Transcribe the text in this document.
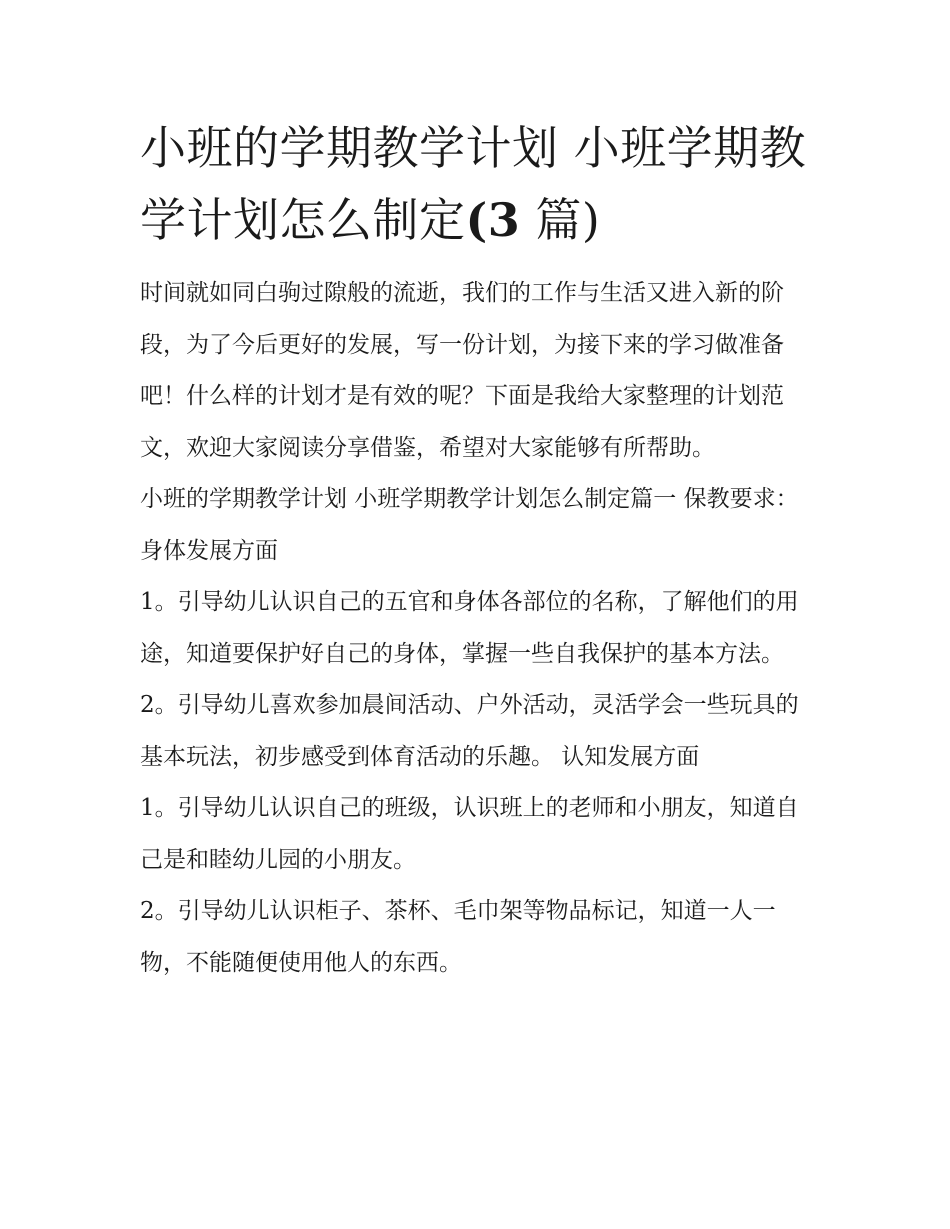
小班的学期教学计划 小班学期教学计划怎么制定(3 篇)

时间就如同白驹过隙般的流逝，我们的工作与生活又进入新的阶段，为了今后更好的发展，写一份计划，为接下来的学习做准备吧！什么样的计划才是有效的呢？下面是我给大家整理的计划范文，欢迎大家阅读分享借鉴，希望对大家能够有所帮助。

小班的学期教学计划 小班学期教学计划怎么制定篇一 保教要求： 身体发展方面

1。引导幼儿认识自己的五官和身体各部位的名称，了解他们的用途，知道要保护好自己的身体，掌握一些自我保护的基本方法。

2。引导幼儿喜欢参加晨间活动、户外活动，灵活学会一些玩具的基本玩法，初步感受到体育活动的乐趣。 认知发展方面

1。引导幼儿认识自己的班级，认识班上的老师和小朋友，知道自己是和睦幼儿园的小朋友。

2。引导幼儿认识柜子、茶杯、毛巾架等物品标记，知道一人一物，不能随便使用他人的东西。
